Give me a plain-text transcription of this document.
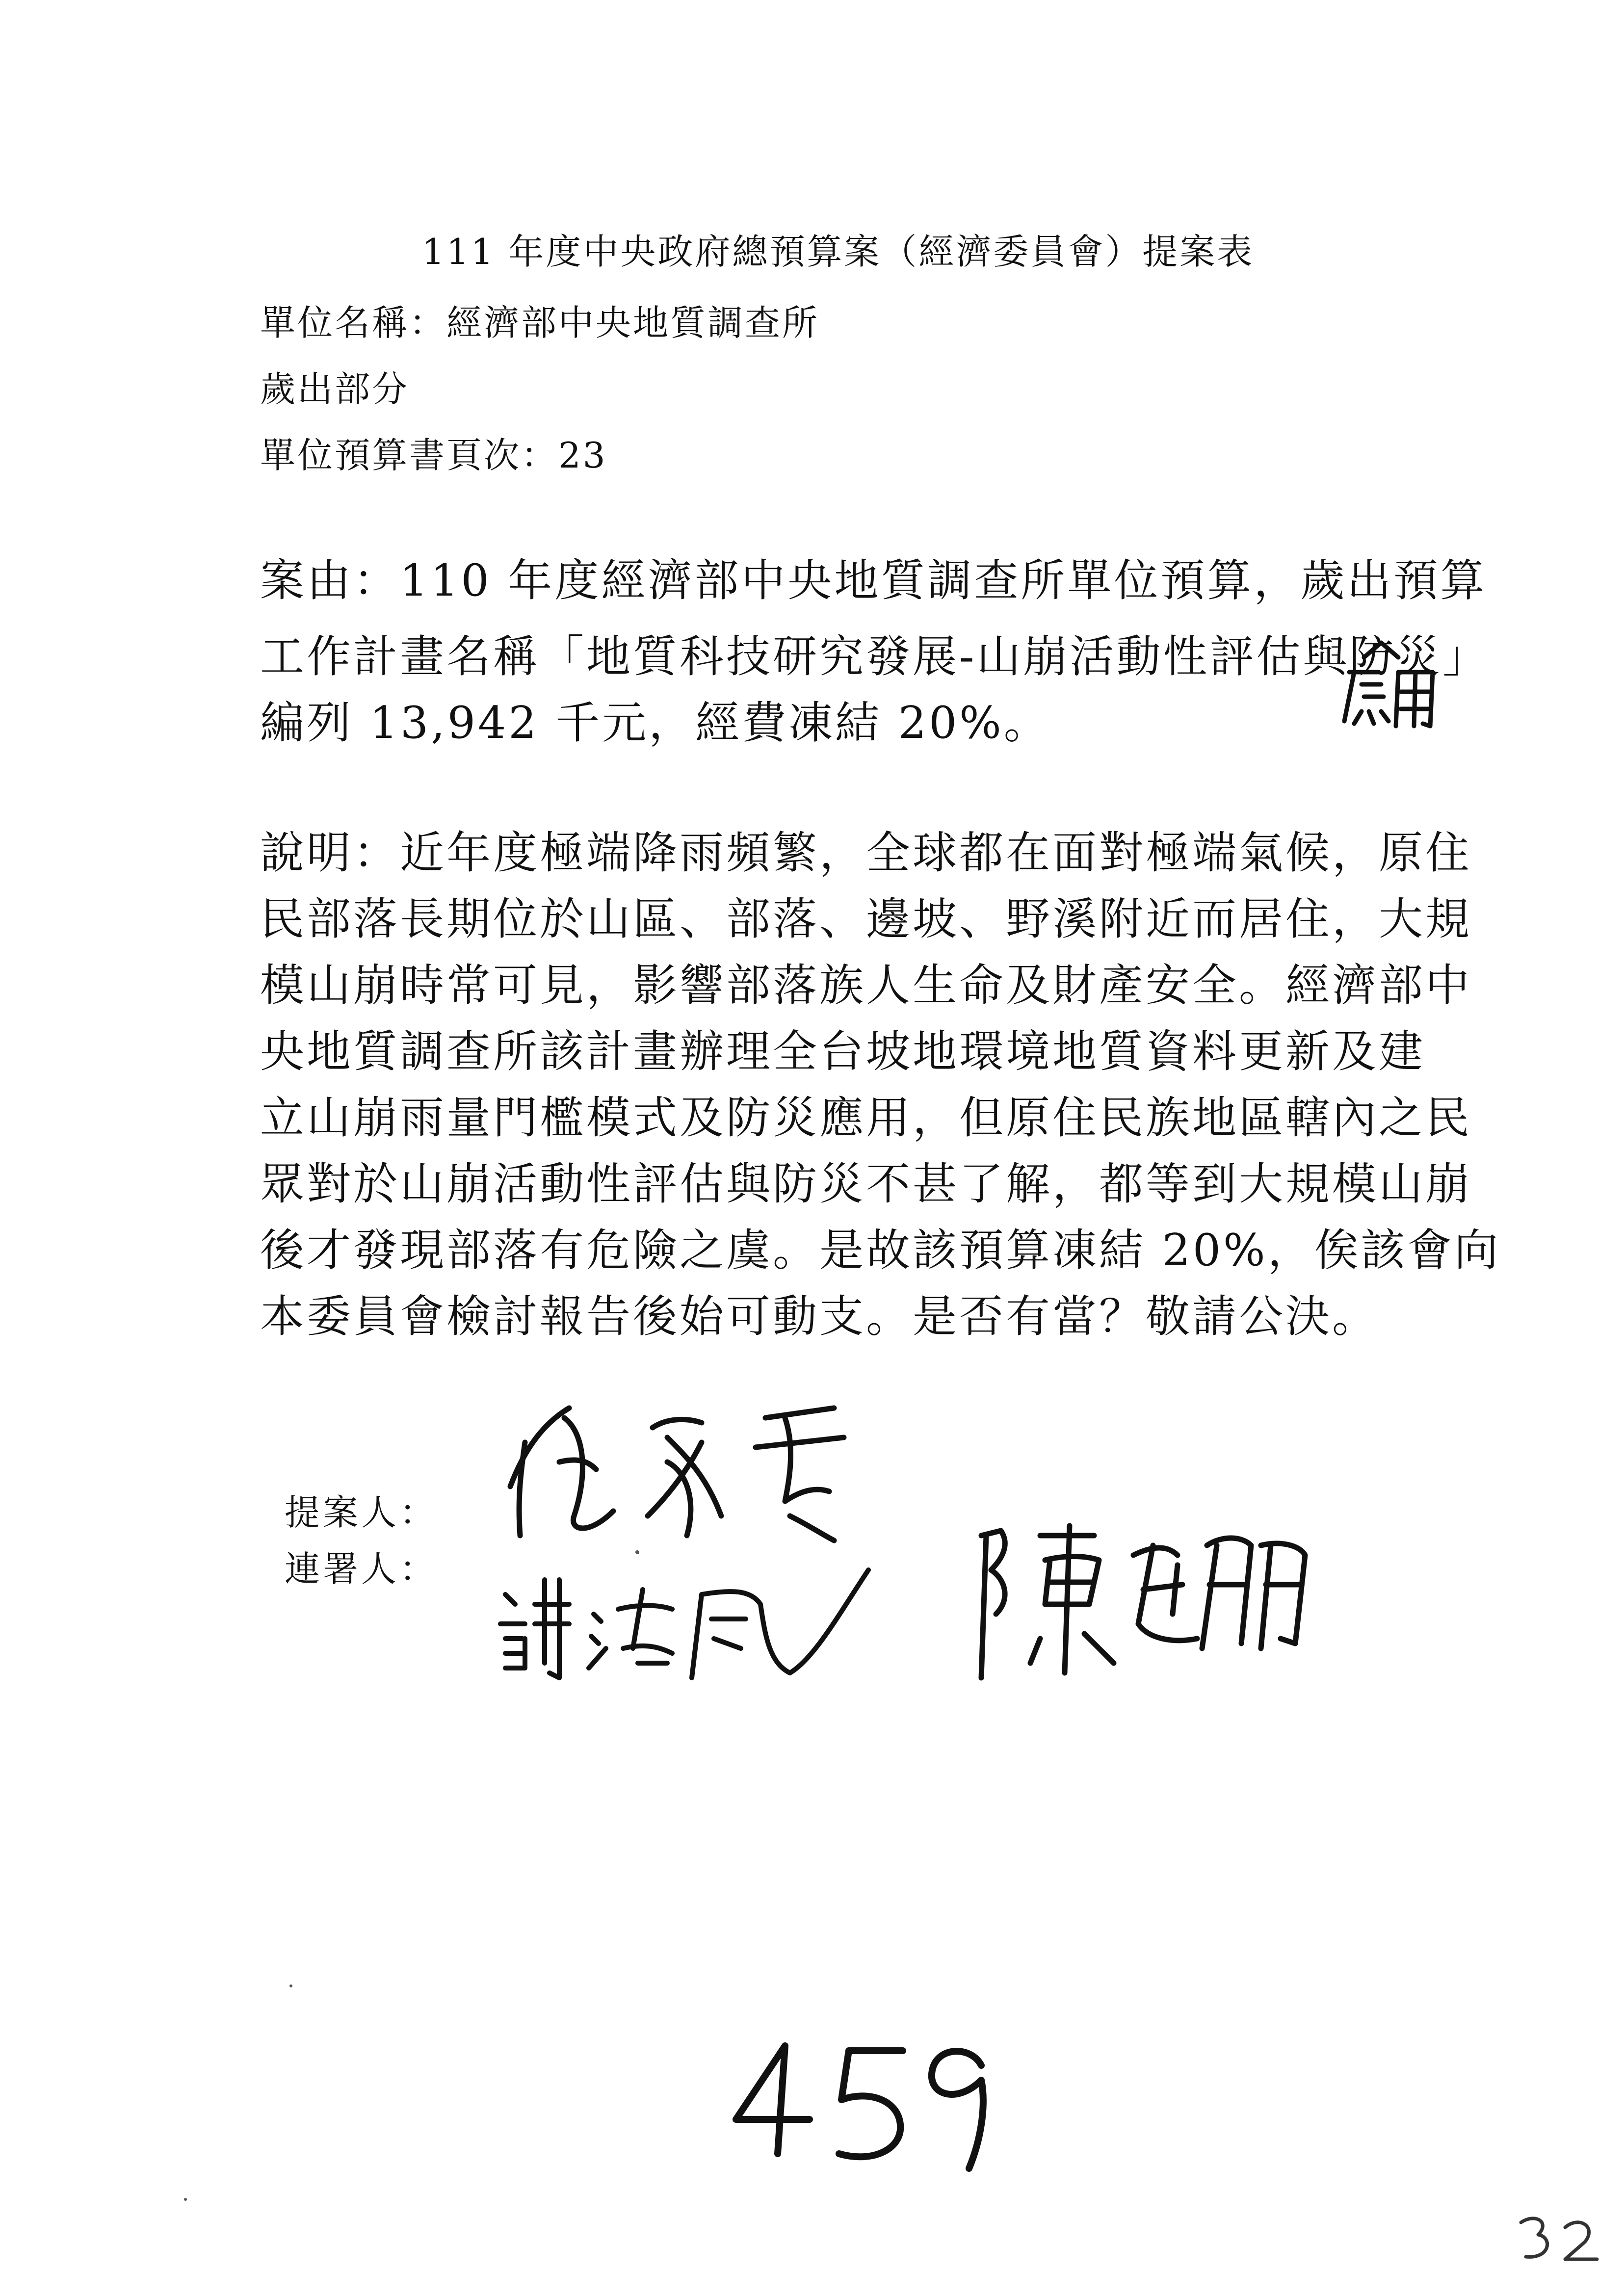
111 年度中央政府總預算案（經濟委員會）提案表
單位名稱：經濟部中央地質調查所
歲出部分
單位預算書頁次：23
案由：110 年度經濟部中央地質調查所單位預算，歲出預算
工作計畫名稱「地質科技研究發展-山崩活動性評估與防災」
編列 13,942 千元，經費凍結 20%。
說明：近年度極端降雨頻繁，全球都在面對極端氣候，原住
民部落長期位於山區、部落、邊坡、野溪附近而居住，大規
模山崩時常可見，影響部落族人生命及財產安全。經濟部中
央地質調查所該計畫辦理全台坡地環境地質資料更新及建
立山崩雨量門檻模式及防災應用，但原住民族地區轄內之民
眾對於山崩活動性評估與防災不甚了解，都等到大規模山崩
後才發現部落有危險之虞。是故該預算凍結 20%，俟該會向
本委員會檢討報告後始可動支。是否有當？敬請公決。
提案人：
連署人：
